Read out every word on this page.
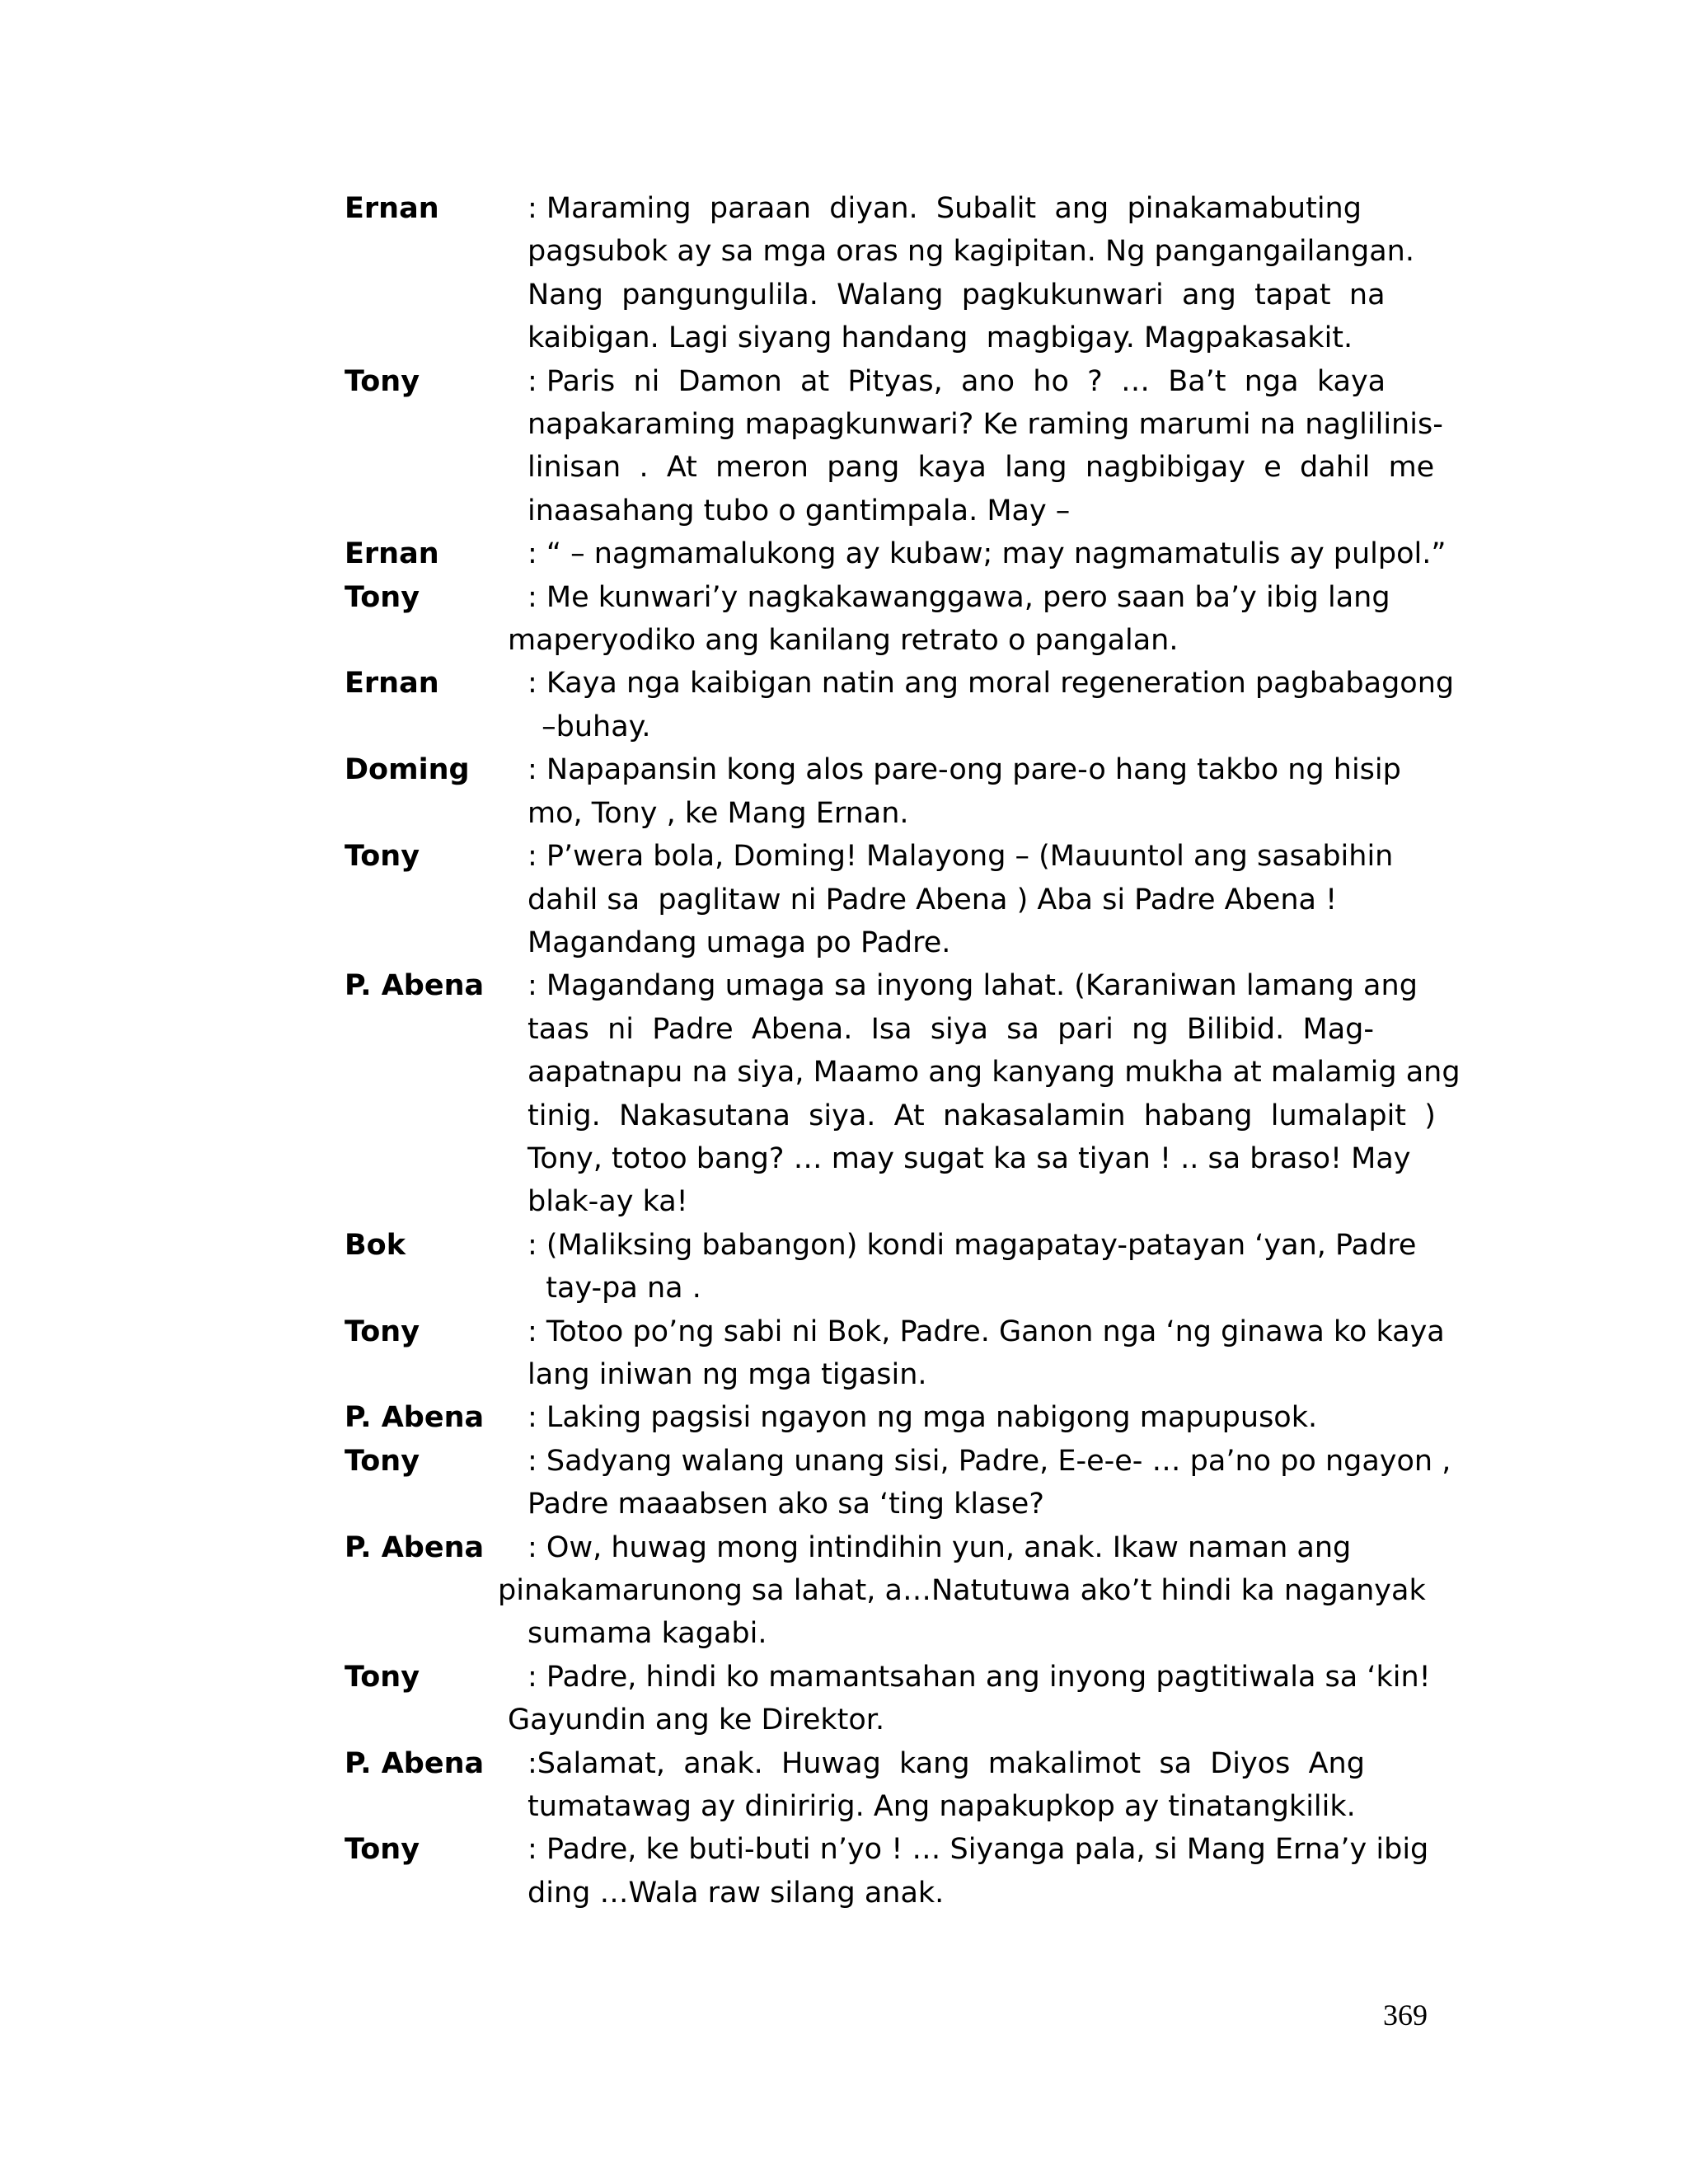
Ernan	: Maraming  paraan  diyan.  Subalit  ang  pinakamabuting
pagsubok ay sa mga oras ng kagipitan. Ng pangangailangan.
Nang  pangungulila.  Walang  pagkukunwari  ang  tapat  na
kaibigan. Lagi siyang handang  magbigay. Magpakasakit.
Tony	: Paris  ni  Damon  at  Pityas,  ano  ho  ?  …  Ba’t  nga  kaya
napakaraming mapagkunwari? Ke raming marumi na naglilinis-
linisan  .  At  meron  pang  kaya  lang  nagbibigay  e  dahil  me
inaasahang tubo o gantimpala. May –
Ernan	: “ – nagmamalukong ay kubaw; may nagmamatulis ay pulpol.”
Tony	: Me kunwari’y nagkakawanggawa, pero saan ba’y ibig lang
maperyodiko ang kanilang retrato o pangalan.
Ernan	: Kaya nga kaibigan natin ang moral regeneration pagbabagong
–buhay.
Doming	: Napapansin kong alos pare-ong pare-o hang takbo ng hisip
mo, Tony , ke Mang Ernan.
Tony	: P’wera bola, Doming! Malayong – (Mauuntol ang sasabihin
dahil sa  paglitaw ni Padre Abena ) Aba si Padre Abena !
Magandang umaga po Padre.
P. Abena	: Magandang umaga sa inyong lahat. (Karaniwan lamang ang
taas  ni  Padre  Abena.  Isa  siya  sa  pari  ng  Bilibid.  Mag-
aapatnapu na siya, Maamo ang kanyang mukha at malamig ang
tinig.  Nakasutana  siya.  At  nakasalamin  habang  lumalapit  )
Tony, totoo bang? … may sugat ka sa tiyan ! .. sa braso! May
blak-ay ka!
Bok	: (Maliksing babangon) kondi magapatay-patayan ‘yan, Padre
tay-pa na .
Tony	: Totoo po’ng sabi ni Bok, Padre. Ganon nga ‘ng ginawa ko kaya
lang iniwan ng mga tigasin.
P. Abena	: Laking pagsisi ngayon ng mga nabigong mapupusok.
Tony	: Sadyang walang unang sisi, Padre, E-e-e- … pa’no po ngayon ,
Padre maaabsen ako sa ‘ting klase?
P. Abena	: Ow, huwag mong intindihin yun, anak. Ikaw naman ang
pinakamarunong sa lahat, a…Natutuwa ako’t hindi ka naganyak
sumama kagabi.
Tony	: Padre, hindi ko mamantsahan ang inyong pagtitiwala sa ‘kin!
Gayundin ang ke Direktor.
P. Abena	:Salamat,  anak.  Huwag  kang  makalimot  sa  Diyos  Ang
tumatawag ay diniririg. Ang napakupkop ay tinatangkilik.
Tony	: Padre, ke buti-buti n’yo ! … Siyanga pala, si Mang Erna’y ibig
ding …Wala raw silang anak.
369
